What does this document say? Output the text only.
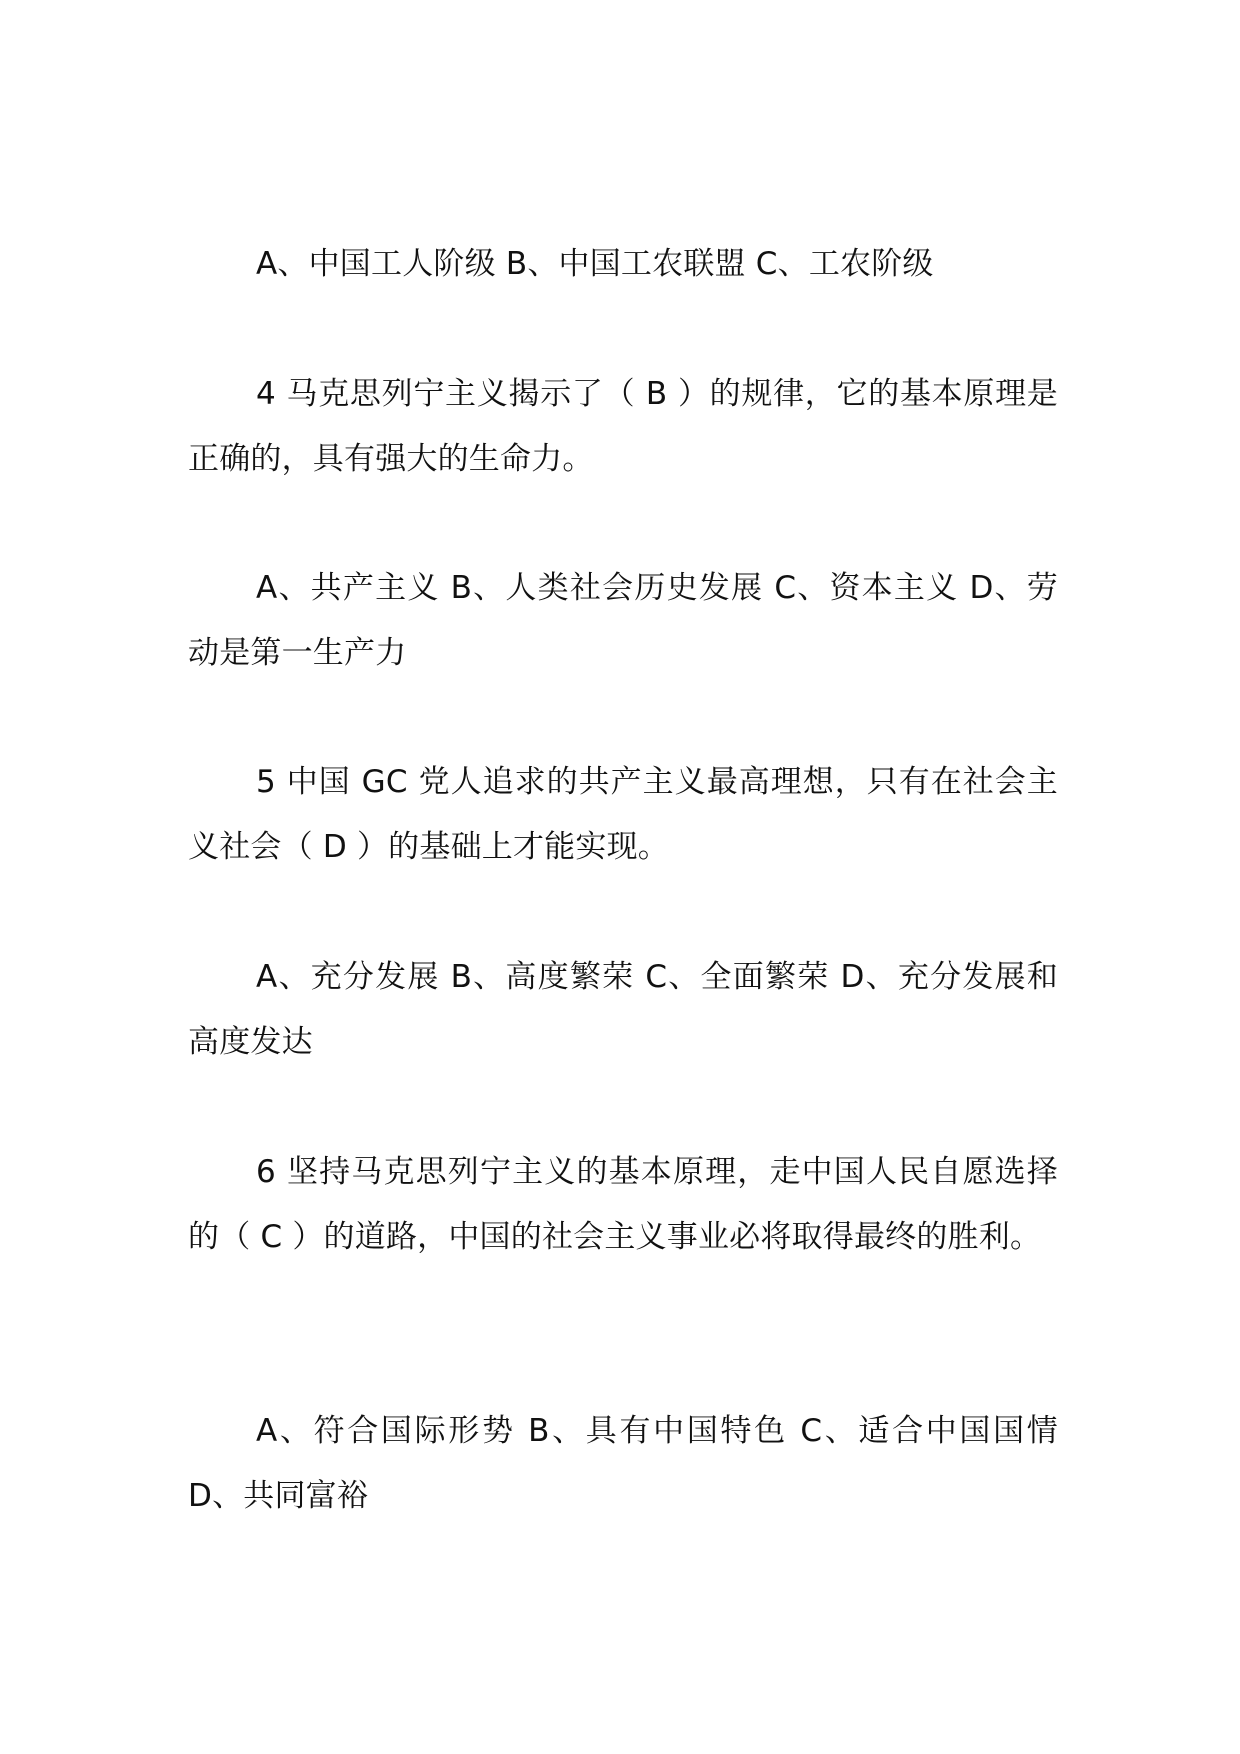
A、中国工人阶级 B、中国工农联盟 C、工农阶级

4 马克思列宁主义揭示了（ B ）的规律，它的基本原理是正确的，具有强大的生命力。

A、共产主义 B、人类社会历史发展 C、资本主义 D、劳动是第一生产力

5 中国 GC 党人追求的共产主义最高理想，只有在社会主义社会（ D ）的基础上才能实现。

A、充分发展 B、高度繁荣 C、全面繁荣 D、充分发展和高度发达

6 坚持马克思列宁主义的基本原理，走中国人民自愿选择的（ C ）的道路，中国的社会主义事业必将取得最终的胜利。

A、符合国际形势 B、具有中国特色 C、适合中国国情 D、共同富裕
